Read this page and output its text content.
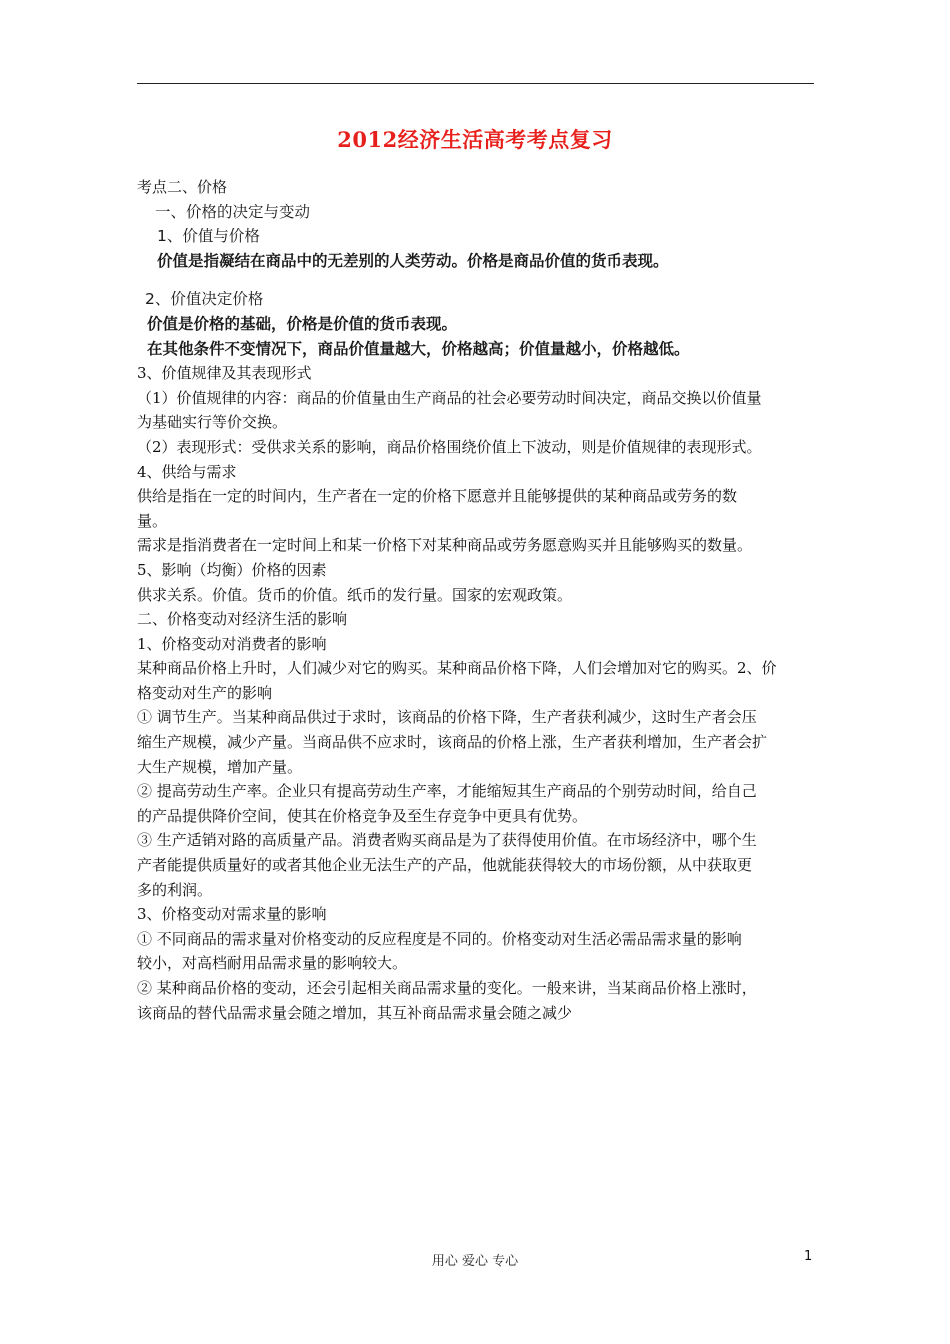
2012经济生活高考考点复习

考点二、价格

一、价格的决定与变动

1、价值与价格

价值是指凝结在商品中的无差别的人类劳动。价格是商品价值的货币表现。

2、价值决定价格

价值是价格的基础，价格是价值的货币表现。

在其他条件不变情况下，商品价值量越大，价格越高；价值量越小，价格越低。

3、价值规律及其表现形式

（1）价值规律的内容：商品的价值量由生产商品的社会必要劳动时间决定，商品交换以价值量

为基础实行等价交换。

（2）表现形式：受供求关系的影响，商品价格围绕价值上下波动，则是价值规律的表现形式。

4、供给与需求

供给是指在一定的时间内，生产者在一定的价格下愿意并且能够提供的某种商品或劳务的数

量。

需求是指消费者在一定时间上和某一价格下对某种商品或劳务愿意购买并且能够购买的数量。

5、影响（均衡）价格的因素

供求关系。价值。货币的价值。纸币的发行量。国家的宏观政策。

二、价格变动对经济生活的影响

1、价格变动对消费者的影响

某种商品价格上升时，人们减少对它的购买。某种商品价格下降，人们会增加对它的购买。2、价

格变动对生产的影响

① 调节生产。当某种商品供过于求时，该商品的价格下降，生产者获利减少，这时生产者会压

缩生产规模，减少产量。当商品供不应求时，该商品的价格上涨，生产者获利增加，生产者会扩

大生产规模，增加产量。

② 提高劳动生产率。企业只有提高劳动生产率，才能缩短其生产商品的个别劳动时间，给自己

的产品提供降价空间，使其在价格竞争及至生存竞争中更具有优势。

③ 生产适销对路的高质量产品。消费者购买商品是为了获得使用价值。在市场经济中，哪个生

产者能提供质量好的或者其他企业无法生产的产品，他就能获得较大的市场份额，从中获取更

多的利润。

3、价格变动对需求量的影响

① 不同商品的需求量对价格变动的反应程度是不同的。价格变动对生活必需品需求量的影响

较小，对高档耐用品需求量的影响较大。

② 某种商品价格的变动，还会引起相关商品需求量的变化。一般来讲，当某商品价格上涨时，

该商品的替代品需求量会随之增加，其互补商品需求量会随之减少

用心 爱心 专心	1
